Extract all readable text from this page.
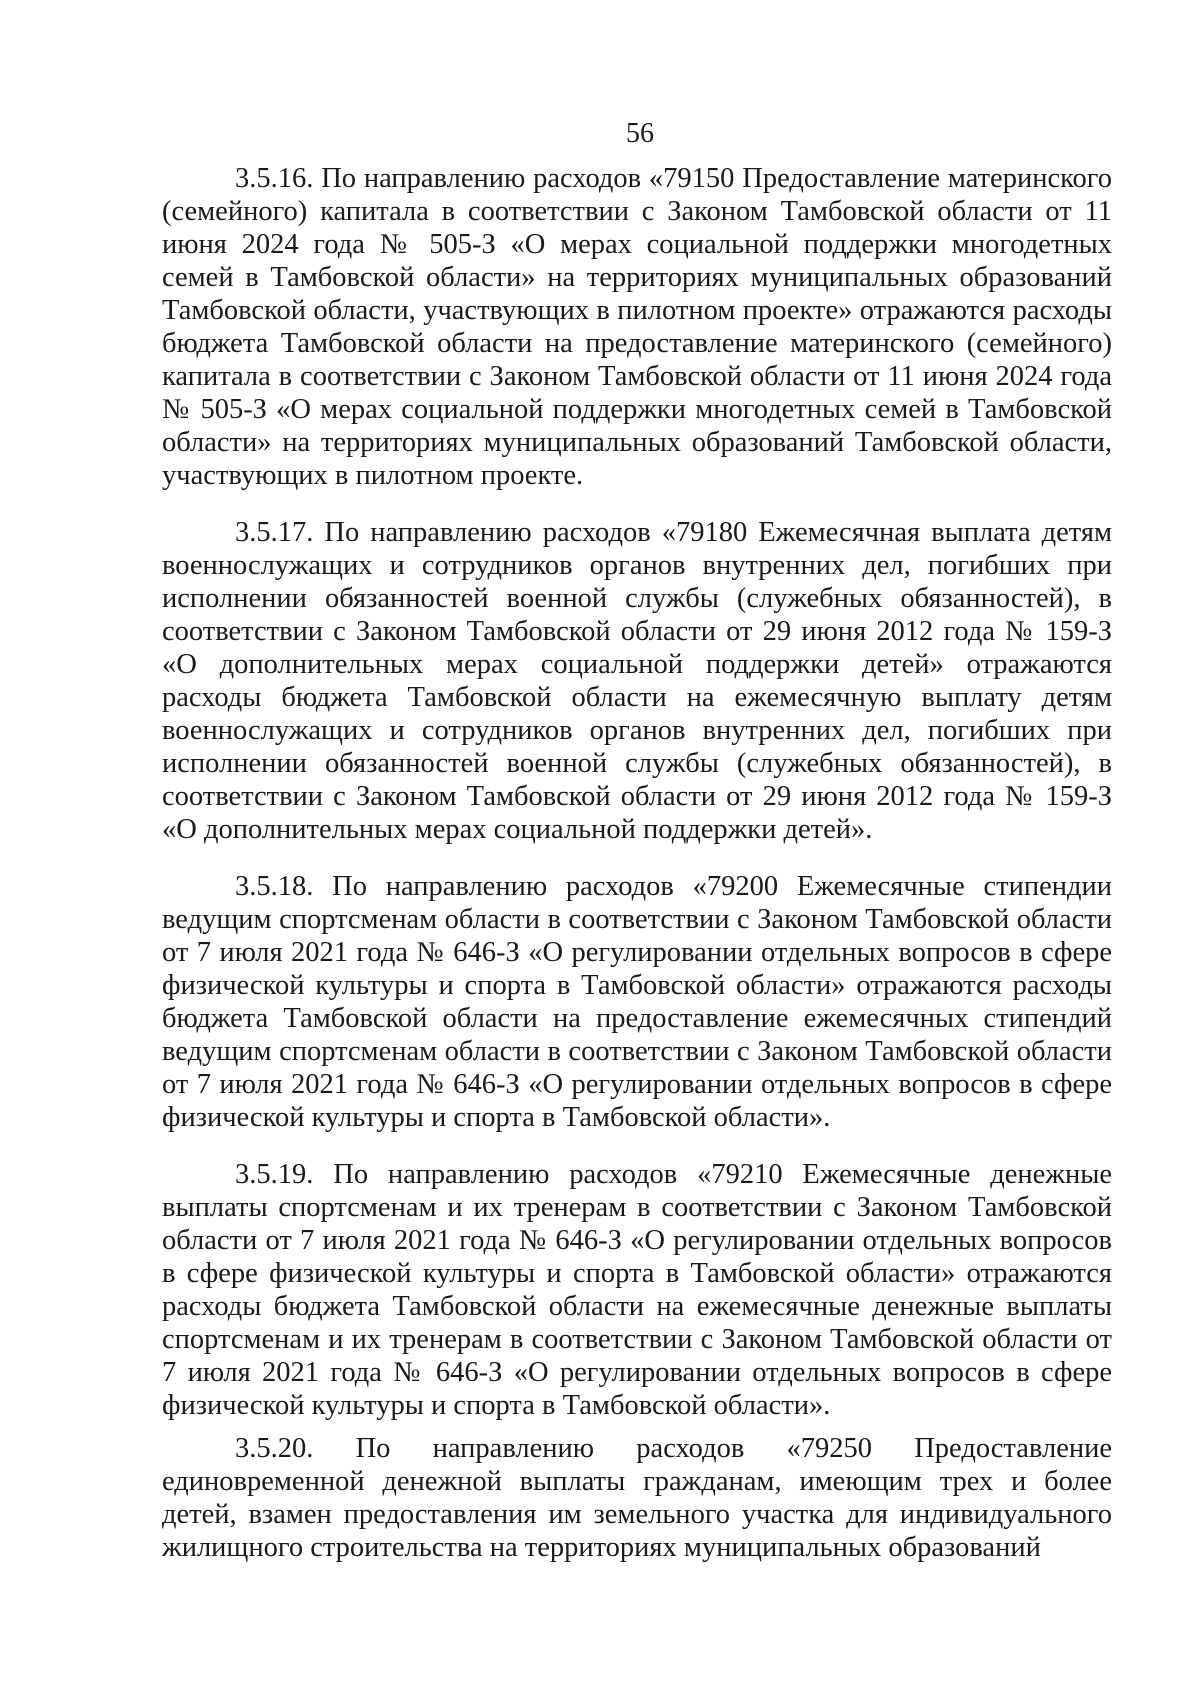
56

3.5.16. По направлению расходов «79150 Предоставление материнского (семейного) капитала в соответствии с Законом Тамбовской области от 11 июня 2024 года № 505-З «О мерах социальной поддержки многодетных семей в Тамбовской области» на территориях муниципальных образований Тамбовской области, участвующих в пилотном проекте» отражаются расходы бюджета Тамбовской области на предоставление материнского (семейного) капитала в соответствии с Законом Тамбовской области от 11 июня 2024 года № 505-З «О мерах социальной поддержки многодетных семей в Тамбовской области» на территориях муниципальных образований Тамбовской области, участвующих в пилотном проекте.

3.5.17. По направлению расходов «79180 Ежемесячная выплата детям военнослужащих и сотрудников органов внутренних дел, погибших при исполнении обязанностей военной службы (служебных обязанностей), в соответствии с Законом Тамбовской области от 29 июня 2012 года № 159-З «О дополнительных мерах социальной поддержки детей» отражаются расходы бюджета Тамбовской области на ежемесячную выплату детям военнослужащих и сотрудников органов внутренних дел, погибших при исполнении обязанностей военной службы (служебных обязанностей), в соответствии с Законом Тамбовской области от 29 июня 2012 года № 159-З «О дополнительных мерах социальной поддержки детей».

3.5.18. По направлению расходов «79200 Ежемесячные стипендии ведущим спортсменам области в соответствии с Законом Тамбовской области от 7 июля 2021 года № 646-З «О регулировании отдельных вопросов в сфере физической культуры и спорта в Тамбовской области» отражаются расходы бюджета Тамбовской области на предоставление ежемесячных стипендий ведущим спортсменам области в соответствии с Законом Тамбовской области от 7 июля 2021 года № 646-З «О регулировании отдельных вопросов в сфере физической культуры и спорта в Тамбовской области».

3.5.19. По направлению расходов «79210 Ежемесячные денежные выплаты спортсменам и их тренерам в соответствии с Законом Тамбовской области от 7 июля 2021 года № 646-З «О регулировании отдельных вопросов в сфере физической культуры и спорта в Тамбовской области» отражаются расходы бюджета Тамбовской области на ежемесячные денежные выплаты спортсменам и их тренерам в соответствии с Законом Тамбовской области от 7 июля 2021 года № 646-З «О регулировании отдельных вопросов в сфере физической культуры и спорта в Тамбовской области».

3.5.20. По направлению расходов «79250 Предоставление единовременной денежной выплаты гражданам, имеющим трех и более детей, взамен предоставления им земельного участка для индивидуального жилищного строительства на территориях муниципальных образований
